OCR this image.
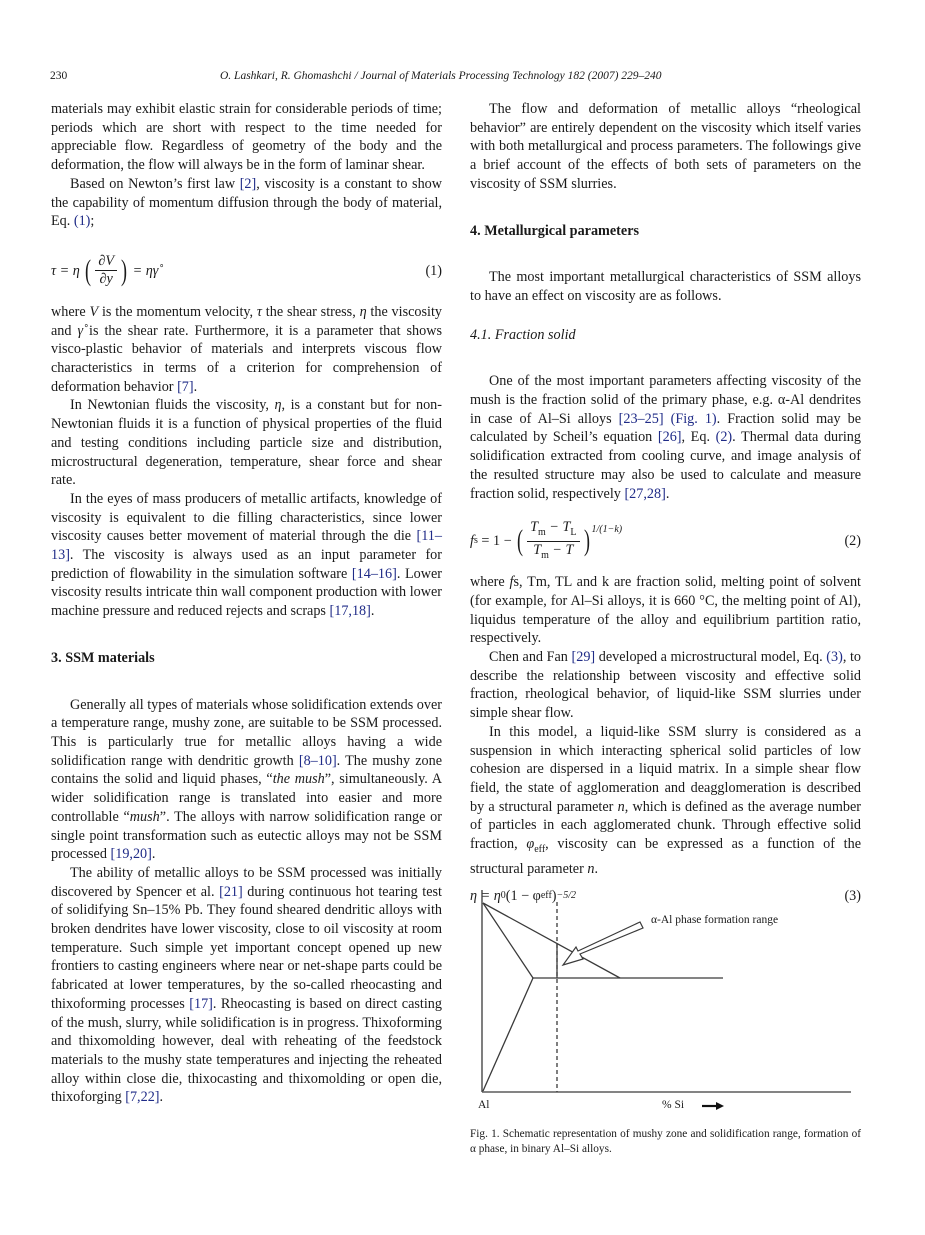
230	O. Lashkari, R. Ghomashchi / Journal of Materials Processing Technology 182 (2007) 229–240

materials may exhibit elastic strain for considerable periods of time; periods which are short with respect to the time needed for appreciable flow. Regardless of geometry of the body and the deformation, the flow will always be in the form of laminar shear.

Based on Newton’s first law [2], viscosity is a constant to show the capability of momentum diffusion through the body of material, Eq. (1);

τ = η
( $\frac{\partial V}{\partial y}$ )
= η γ̊	(1)

where V is the momentum velocity, τ the shear stress, η the viscosity and γ̊ is the shear rate. Furthermore, it is a parameter that shows visco-plastic behavior of materials and interprets viscous flow characteristics in terms of a criterion for comprehension of deformation behavior [7].

In Newtonian fluids the viscosity, η, is a constant but for non-Newtonian fluids it is a function of physical properties of the fluid and testing conditions including particle size and distribution, microstructural degeneration, temperature, shear force and shear rate.

In the eyes of mass producers of metallic artifacts, knowledge of viscosity is equivalent to die filling characteristics, since lower viscosity causes better movement of material through the die [11–13]. The viscosity is always used as an input parameter for prediction of flowability in the simulation software [14–16]. Lower viscosity results intricate thin wall component production with lower machine pressure and reduced rejects and scraps [17,18].

3. SSM materials

Generally all types of materials whose solidification extends over a temperature range, mushy zone, are suitable to be SSM processed. This is particularly true for metallic alloys having a wide solidification range with dendritic growth [8–10]. The mushy zone contains the solid and liquid phases, “the mush”, simultaneously. A wider solidification range is translated into easier and more controllable “mush”. The alloys with narrow solidification range or single point transformation such as eutectic alloys may not be SSM processed [19,20].

The ability of metallic alloys to be SSM processed was initially discovered by Spencer et al. [21] during continuous hot tearing test of solidifying Sn–15% Pb. They found sheared dendritic alloys with broken dendrites have lower viscosity, close to oil viscosity at room temperature. Such simple yet important concept opened up new frontiers to casting engineers where near or net-shape parts could be fabricated at lower temperatures, by the so-called rheocasting and thixoforming processes [17]. Rheocasting is based on direct casting of the mush, slurry, while solidification is in progress. Thixoforming and thixomolding however, deal with reheating of the feedstock materials to the mushy state temperatures and injecting the reheated alloy within close die, thixocasting and thixomolding or open die, thixoforging [7,22].

The flow and deformation of metallic alloys “rheological behavior” are entirely dependent on the viscosity which itself varies with both metallurgical and process parameters. The followings give a brief account of the effects of both sets of parameters on the viscosity of SSM slurries.

4. Metallurgical parameters

The most important metallurgical characteristics of SSM alloys to have an effect on viscosity are as follows.

4.1. Fraction solid

One of the most important parameters affecting viscosity of the mush is the fraction solid of the primary phase, e.g. α-Al dendrites in case of Al–Si alloys [23–25] (Fig. 1). Fraction solid may be calculated by Scheil’s equation [26], Eq. (2). Thermal data during solidification extracted from cooling curve, and image analysis of the resulted structure may also be used to calculate and measure fraction solid, respectively [27,28].

f s = 1 − ( $\frac{T_m - T_L}{T_m - T} )^{1/(1-k)}$
(2)

where fs, Tm, TL and k are fraction solid, melting point of solvent (for example, for Al–Si alloys, it is 660 °C, the melting point of Al), liquidus temperature of the alloy and equilibrium partition ratio, respectively.

Chen and Fan [29] developed a microstructural model, Eq. (3), to describe the relationship between viscosity and effective solid fraction, rheological behavior, of liquid-like SSM slurries under simple shear flow.

In this model, a liquid-like SSM slurry is considered as a suspension in which interacting spherical solid particles of low cohesion are dispersed in a liquid matrix. In a simple shear flow field, the state of agglomeration and deagglomeration is described by a structural parameter n, which is defined as the average number of particles in each agglomerated chunk. Through effective solid fraction, $\varphi_{eff}$, viscosity can be expressed as a function of the structural parameter n.

η = η 0 (1 − φ eff ) −5/2	(3)
α-Al phase formation range
Al	% Si
Fig. 1. Schematic representation of mushy zone and solidification range, formation of α phase, in binary Al–Si alloys.
